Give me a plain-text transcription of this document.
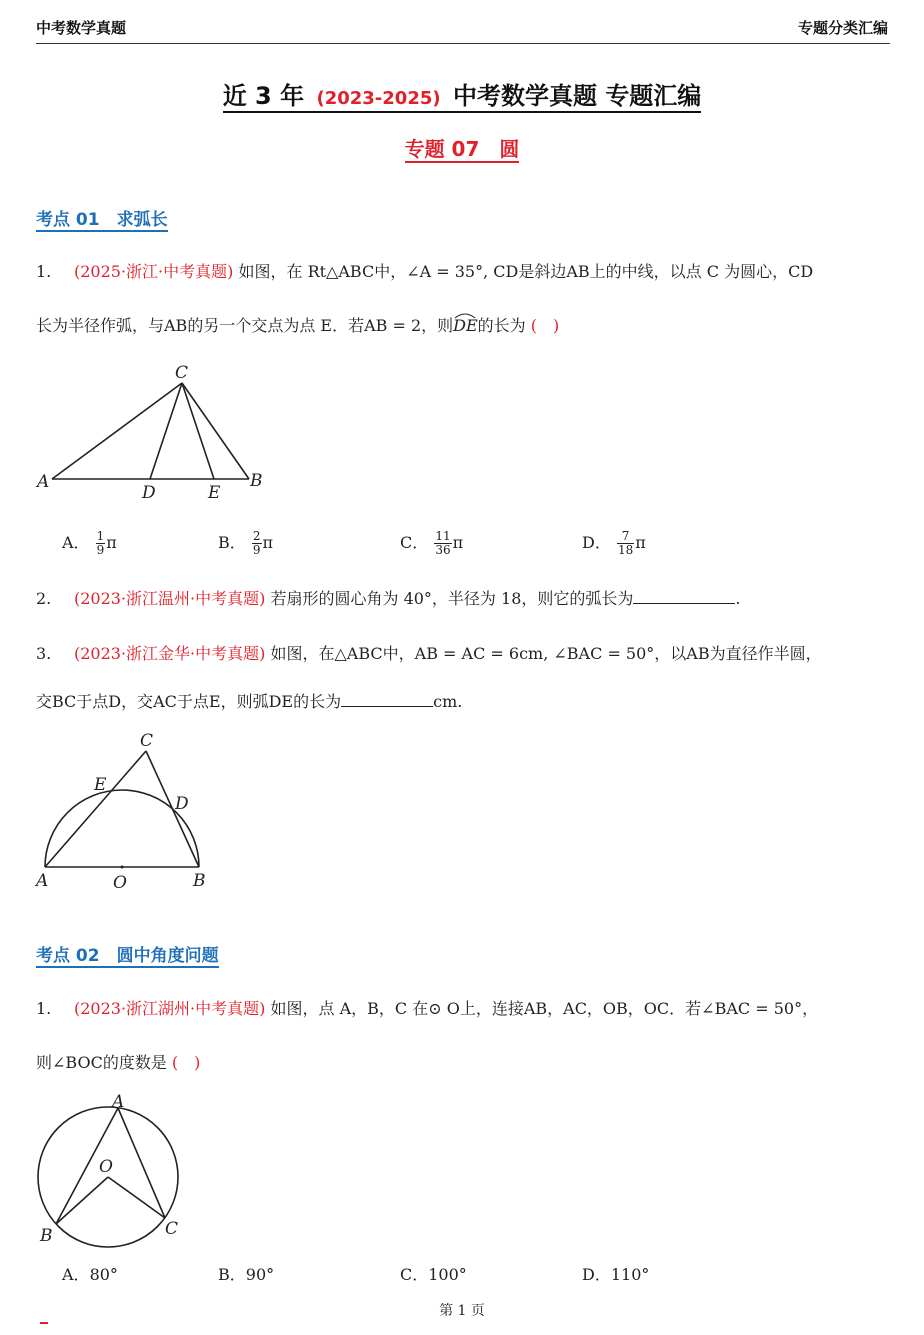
中考数学真题	专题分类汇编
近 3 年 (2023-2025) 中考数学真题 专题汇编
专题 07　圆
考点 01　求弧长
1. (2025·浙江·中考真题) 如图，在 Rt△ABC中，∠A = 35°, CD是斜边AB上的中线，以点 C 为圆心，CD
长为半径作弧，与AB的另一个交点为点 E．若AB = 2，则DE
的长为 (　)
A	B
C
D	E
A． $\frac{1}{9}$ π	B． $\frac{2}{9}$ π	C． $\frac{11}{36}$ π	D． $\frac{7}{18}$ π
2. (2023·浙江温州·中考真题) 若扇形的圆心角为 40°，半径为 18，则它的弧长为	.
3. (2023·浙江金华·中考真题) 如图，在△ABC中，AB = AC = 6cm, ∠BAC = 50°，以AB为直径作半圆，
交BC于点D，交AC于点E，则弧DE的长为	cm.
A	B
C
D
E
O
考点 02　圆中角度问题
1. (2023·浙江湖州·中考真题) 如图，点 A，B，C 在⊙ O上，连接AB，AC，OB，OC．若∠BAC = 50°，
则∠BOC的度数是 (　)
A
B	C
O
A．80°	B．90°	C．100°	D．110°
第 1 页
